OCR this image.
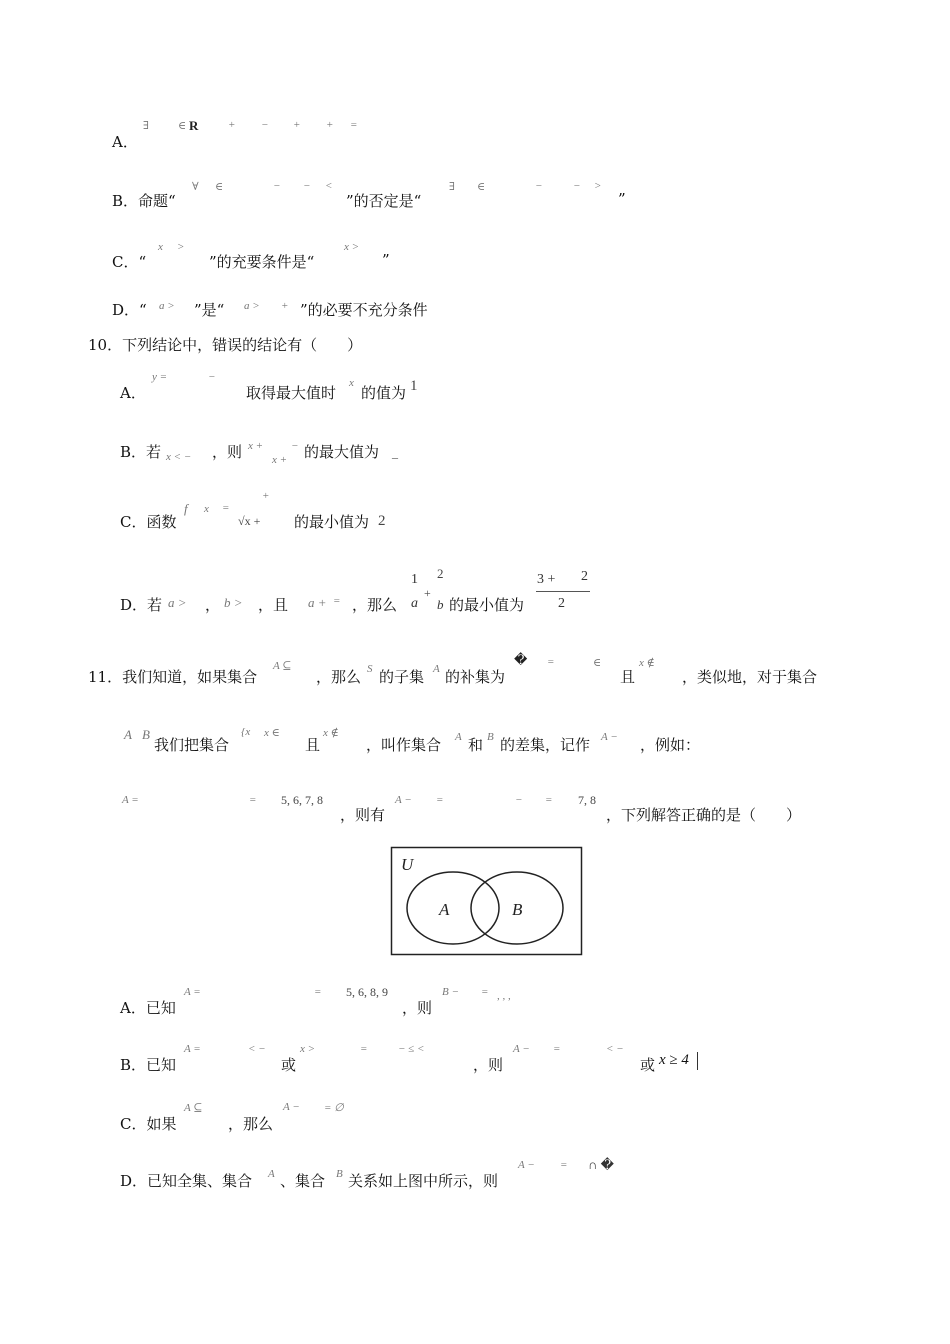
A．
∃	∈ R	+ − + + =
B．命题“
∀ ∈	− − <
”的否定是“
∃ ∈	−	− >
”
C．“
x >
”的充要条件是“
x >
”
D．“ a > ”是“ a > + ”的必要不充分条件
10．下列结论中，错误的结论有（　　）
A．
y =	−
取得最大值时
x
的值为 1
B．若 x < − ，则 x +
x +
− 的最大值为 _
C．函数
f x =
+
√x + 的最小值为 2
D．若 a > ， b > ，且 a + = ，那么
1
a
+
2
b 的最小值为
3 + 2
2
11．我们知道，如果集合
A ⊆
，那么 S 的子集 A 的补集为
� =	∈
且
x ∉
，类似地，对于集合
A B
我们把集合
{x x ∈
且
x ∉
，叫作集合 A 和 B 的差集，记作 A − ，例如：
A =	= 5, 6, 7, 8
，则有
A − =	− = 7, 8
，下列解答正确的是（　　）
U
A	B
A．已知
A =	= 5, 6, 8, 9
，则
B − = , , ,
B．已知
A =	< −
或
x >	=	− ≤ <
，则
A − =	< −
或 x ≥ 4
C．如果
A ⊆
，那么
A − = ∅
D．已知全集、集合 A 、集合 B 关系如上图中所示，则
A − = ∩ �
